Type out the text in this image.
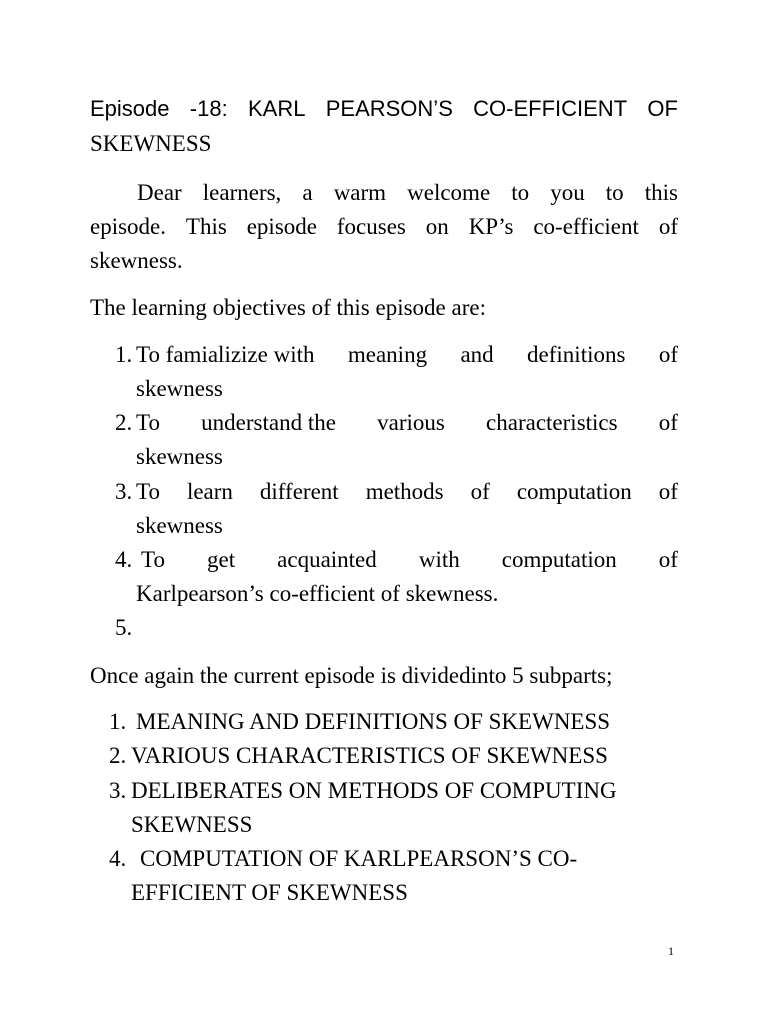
Episode -18: KARL PEARSON’S CO-EFFICIENT OF
SKEWNESS
Dear learners, a warm welcome to you to this
episode. This episode focuses on KP’s co-efficient of
skewness.
The learning objectives of this episode are:
1. To famializize with meaning and definitions of
skewness
2. To understand the various characteristics of
skewness
3. To learn different methods of computation of
skewness
4. To get acquainted with computation of
Karlpearson’s co-efficient of skewness.
5.
Once again the current episode is dividedinto 5 subparts;
1. MEANING AND DEFINITIONS OF SKEWNESS
2. VARIOUS CHARACTERISTICS OF SKEWNESS
3. DELIBERATES ON METHODS OF COMPUTING
SKEWNESS
4. COMPUTATION OF KARLPEARSON’S CO-
EFFICIENT OF SKEWNESS
1
